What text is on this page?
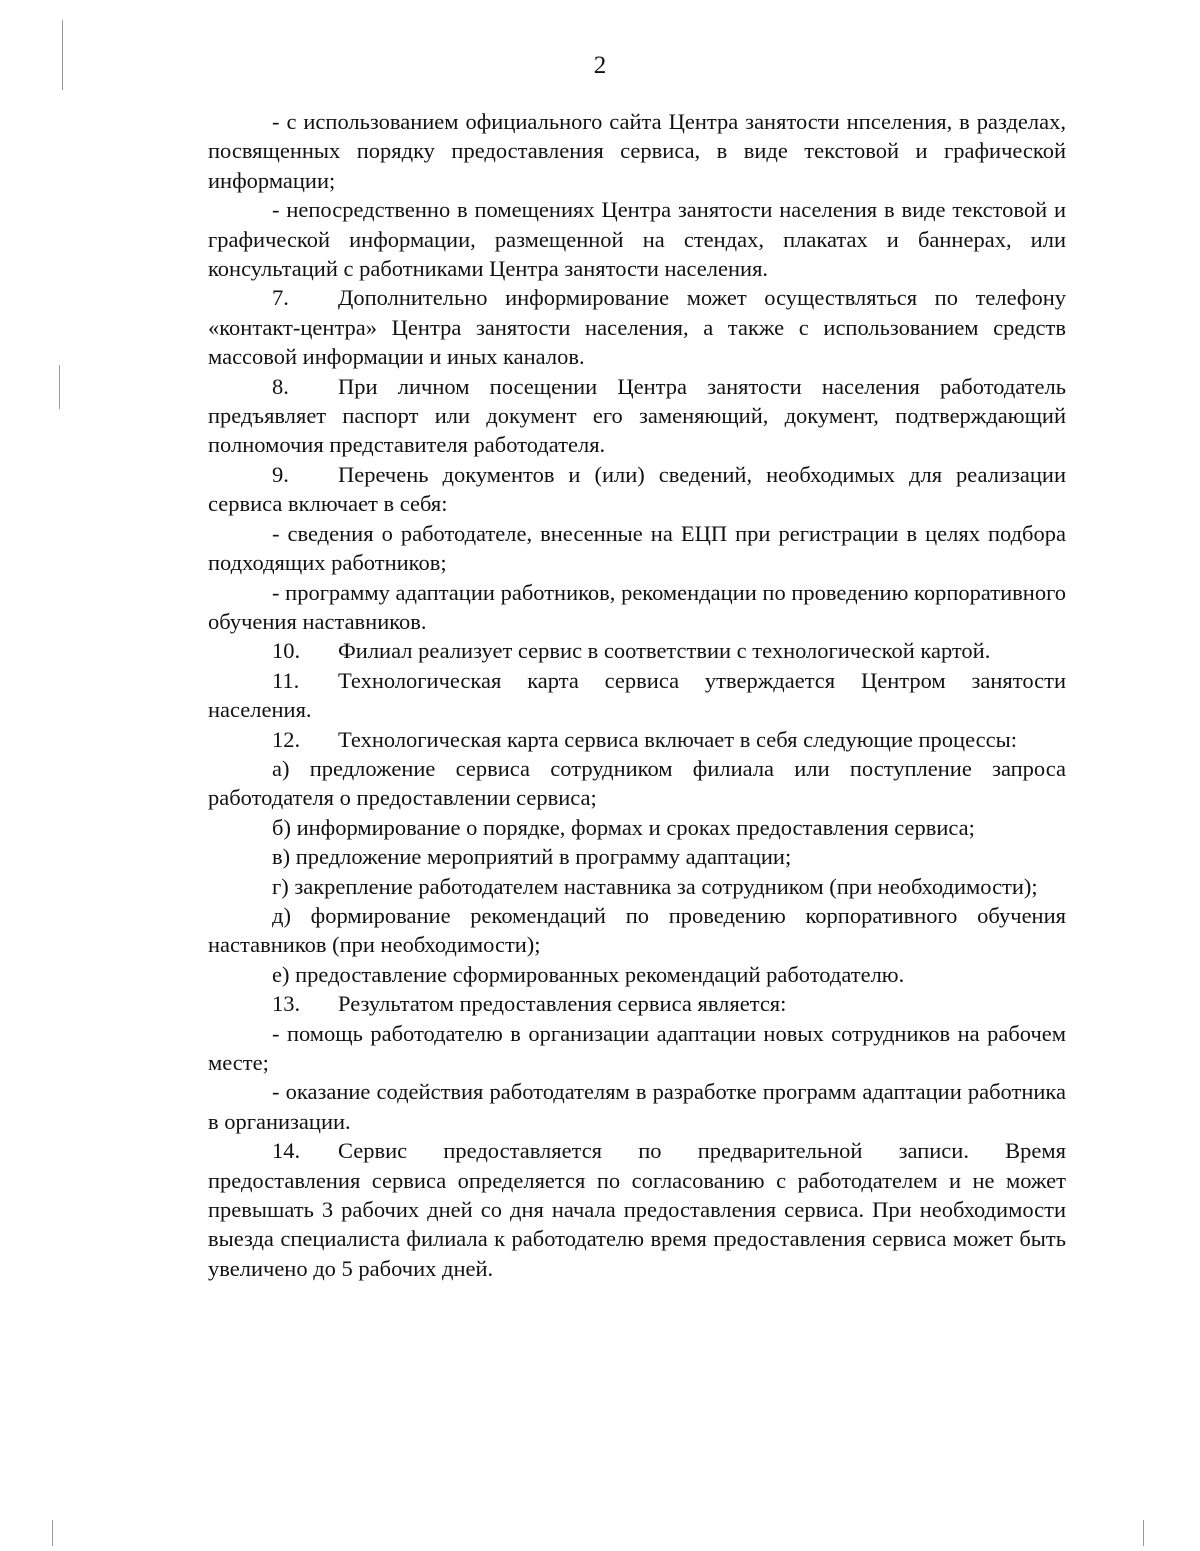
2

- с использованием официального сайта Центра занятости нпселения, в разделах, посвященных порядку предоставления сервиса, в виде текстовой и графической информации;

- непосредственно в помещениях Центра занятости населения в виде текстовой и графической информации, размещенной на стендах, плакатах и баннерах, или консультаций с работниками Центра занятости населения.

7. Дополнительно информирование может осуществляться по телефону «контакт-центра» Центра занятости населения, а также с использованием средств массовой информации и иных каналов.

8. При личном посещении Центра занятости населения работодатель предъявляет паспорт или документ его заменяющий, документ, подтверждающий полномочия представителя работодателя.

9. Перечень документов и (или) сведений, необходимых для реализации сервиса включает в себя:

- сведения о работодателе, внесенные на ЕЦП при регистрации в целях подбора подходящих работников;

- программу адаптации работников, рекомендации по проведению корпоративного обучения наставников.

10. Филиал реализует сервис в соответствии с технологической картой.

11. Технологическая карта сервиса утверждается Центром занятости населения.

12. Технологическая карта сервиса включает в себя следующие процессы:

а) предложение сервиса сотрудником филиала или поступление запроса работодателя о предоставлении сервиса;

б) информирование о порядке, формах и сроках предоставления сервиса;

в) предложение мероприятий в программу адаптации;

г) закрепление работодателем наставника за сотрудником (при необходимости);

д) формирование рекомендаций по проведению корпоративного обучения наставников (при необходимости);

е) предоставление сформированных рекомендаций работодателю.

13. Результатом предоставления сервиса является:

- помощь работодателю в организации адаптации новых сотрудников на рабочем месте;

- оказание содействия работодателям в разработке программ адаптации работника в организации.

14. Сервис предоставляется по предварительной записи. Время предоставления сервиса определяется по согласованию с работодателем и не может превышать 3 рабочих дней со дня начала предоставления сервиса. При необходимости выезда специалиста филиала к работодателю время предоставления сервиса может быть увеличено до 5 рабочих дней.
